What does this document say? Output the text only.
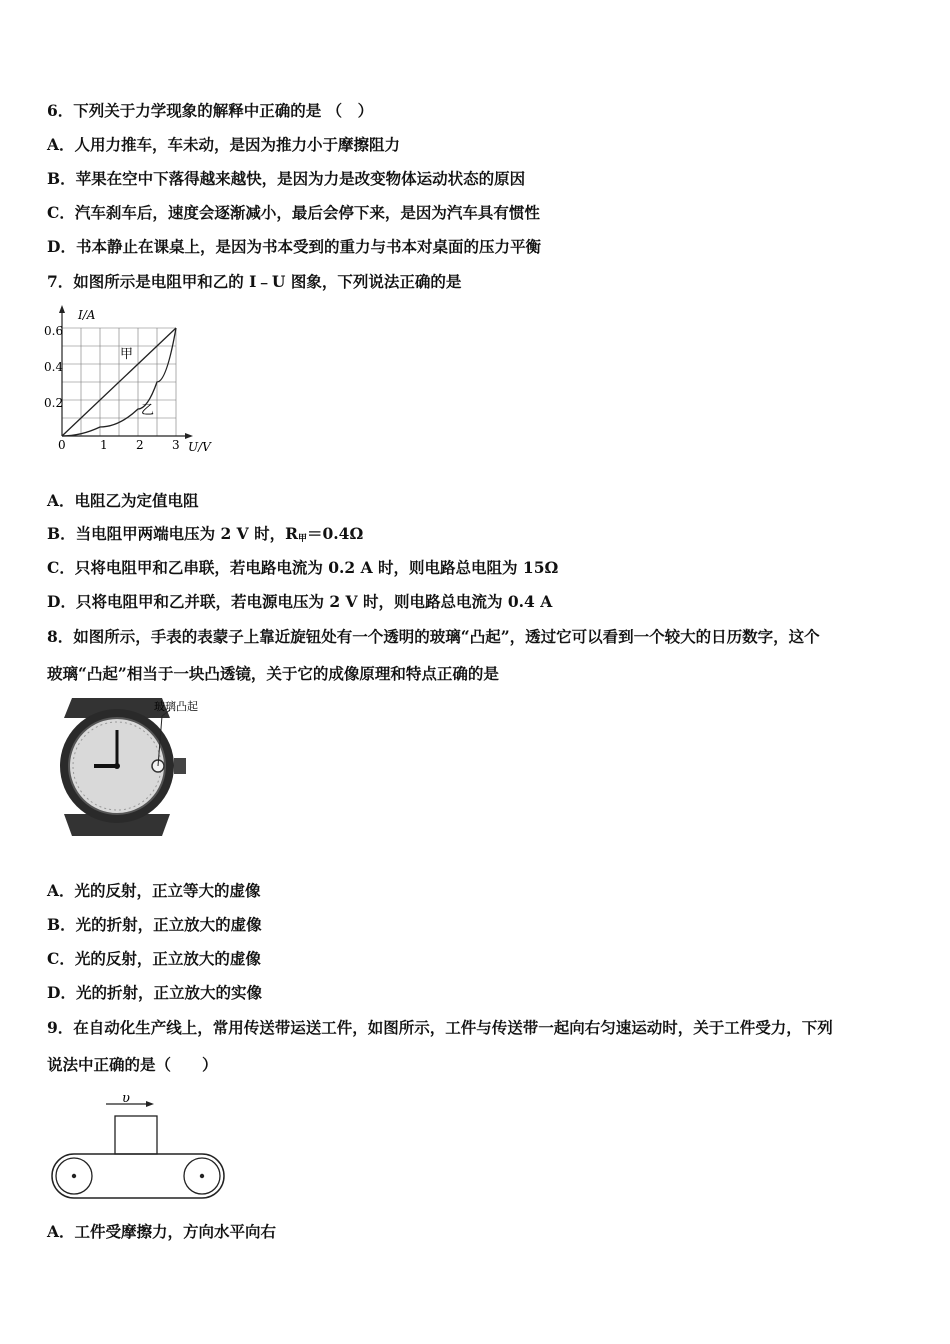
6．下列关于力学现象的解释中正确的是 （　）
A．人用力推车，车未动，是因为推力小于摩擦阻力
B．苹果在空中下落得越来越快，是因为力是改变物体运动状态的原因
C．汽车刹车后，速度会逐渐减小，最后会停下来，是因为汽车具有惯性
D．书本静止在课桌上，是因为书本受到的重力与书本对桌面的压力平衡
7．如图所示是电阻甲和乙的 I﹣U 图象，下列说法正确的是
I/A
U/V
0.6
0.4
0.2
0	1 2 3
甲
乙
A．电阻乙为定值电阻
B．当电阻甲两端电压为 2 V 时，$R_甲=0.4\Omega$
C．只将电阻甲和乙串联，若电路电流为 0.2 A 时，则电路总电阻为 15Ω
D．只将电阻甲和乙并联，若电源电压为 2 V 时，则电路总电流为 0.4 A
8．如图所示，手表的表蒙子上靠近旋钮处有一个透明的玻璃“凸起”，透过它可以看到一个较大的日历数字，这个
玻璃“凸起”相当于一块凸透镜，关于它的成像原理和特点正确的是
玻璃凸起
A．光的反射，正立等大的虚像
B．光的折射，正立放大的虚像
C．光的反射，正立放大的虚像
D．光的折射，正立放大的实像
9．在自动化生产线上，常用传送带运送工件，如图所示，工件与传送带一起向右匀速运动时，关于工件受力，下列
说法中正确的是（　　）
υ
A．工件受摩擦力，方向水平向右
